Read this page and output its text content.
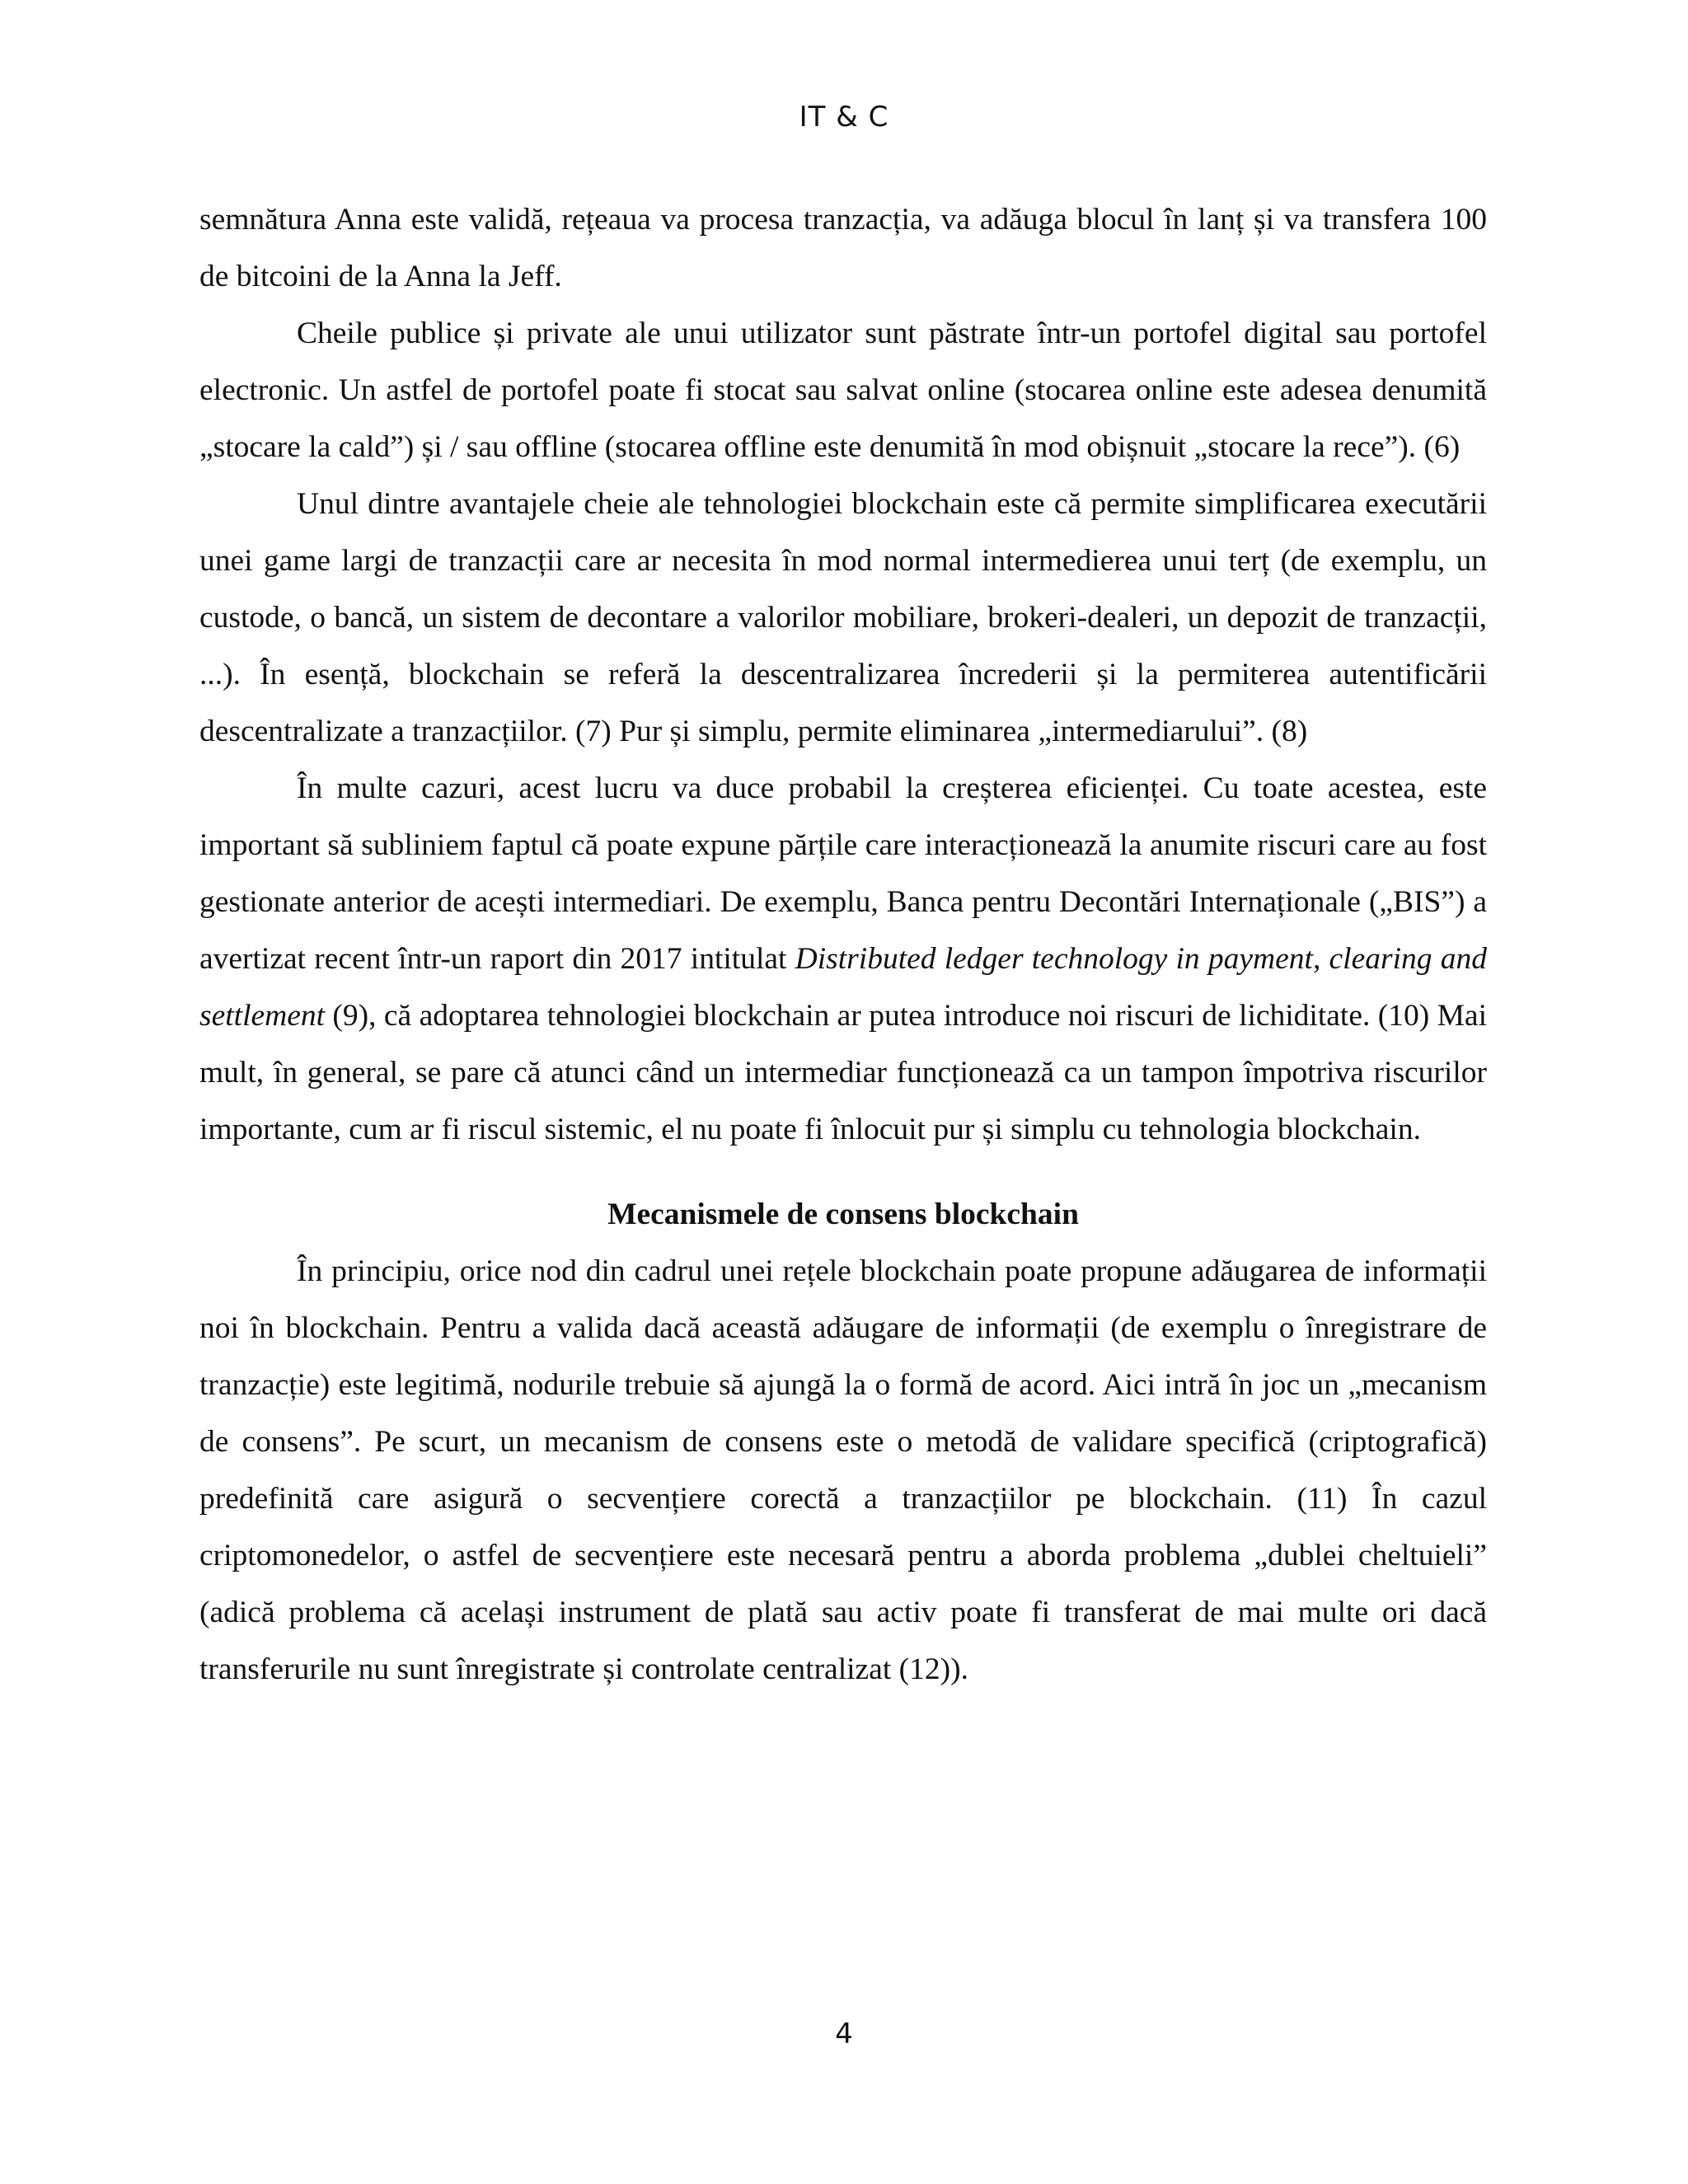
IT & C

semnătura Anna este validă, rețeaua va procesa tranzacția, va adăuga blocul în lanț și va transfera 100 de bitcoini de la Anna la Jeff.

Cheile publice și private ale unui utilizator sunt păstrate într-un portofel digital sau portofel electronic. Un astfel de portofel poate fi stocat sau salvat online (stocarea online este adesea denumită „stocare la cald”) și / sau offline (stocarea offline este denumită în mod obișnuit „stocare la rece”). (6)

Unul dintre avantajele cheie ale tehnologiei blockchain este că permite simplificarea executării unei game largi de tranzacții care ar necesita în mod normal intermedierea unui terț (de exemplu, un custode, o bancă, un sistem de decontare a valorilor mobiliare, brokeri-dealeri, un depozit de tranzacții, ...). În esență, blockchain se referă la descentralizarea încrederii și la permiterea autentificării descentralizate a tranzacțiilor. (7) Pur și simplu, permite eliminarea „intermediarului”. (8)

În multe cazuri, acest lucru va duce probabil la creșterea eficienței. Cu toate acestea, este important să subliniem faptul că poate expune părțile care interacționează la anumite riscuri care au fost gestionate anterior de acești intermediari. De exemplu, Banca pentru Decontări Internaționale („BIS”) a avertizat recent într-un raport din 2017 intitulat Distributed ledger technology in payment, clearing and settlement (9), că adoptarea tehnologiei blockchain ar putea introduce noi riscuri de lichiditate. (10) Mai mult, în general, se pare că atunci când un intermediar funcționează ca un tampon împotriva riscurilor importante, cum ar fi riscul sistemic, el nu poate fi înlocuit pur și simplu cu tehnologia blockchain.

Mecanismele de consens blockchain

În principiu, orice nod din cadrul unei rețele blockchain poate propune adăugarea de informații noi în blockchain. Pentru a valida dacă această adăugare de informații (de exemplu o înregistrare de tranzacție) este legitimă, nodurile trebuie să ajungă la o formă de acord. Aici intră în joc un „mecanism de consens”. Pe scurt, un mecanism de consens este o metodă de validare specifică (criptografică) predefinită care asigură o secvențiere corectă a tranzacțiilor pe blockchain. (11) În cazul criptomonedelor, o astfel de secvențiere este necesară pentru a aborda problema „dublei cheltuieli” (adică problema că același instrument de plată sau activ poate fi transferat de mai multe ori dacă transferurile nu sunt înregistrate și controlate centralizat (12)).

4
